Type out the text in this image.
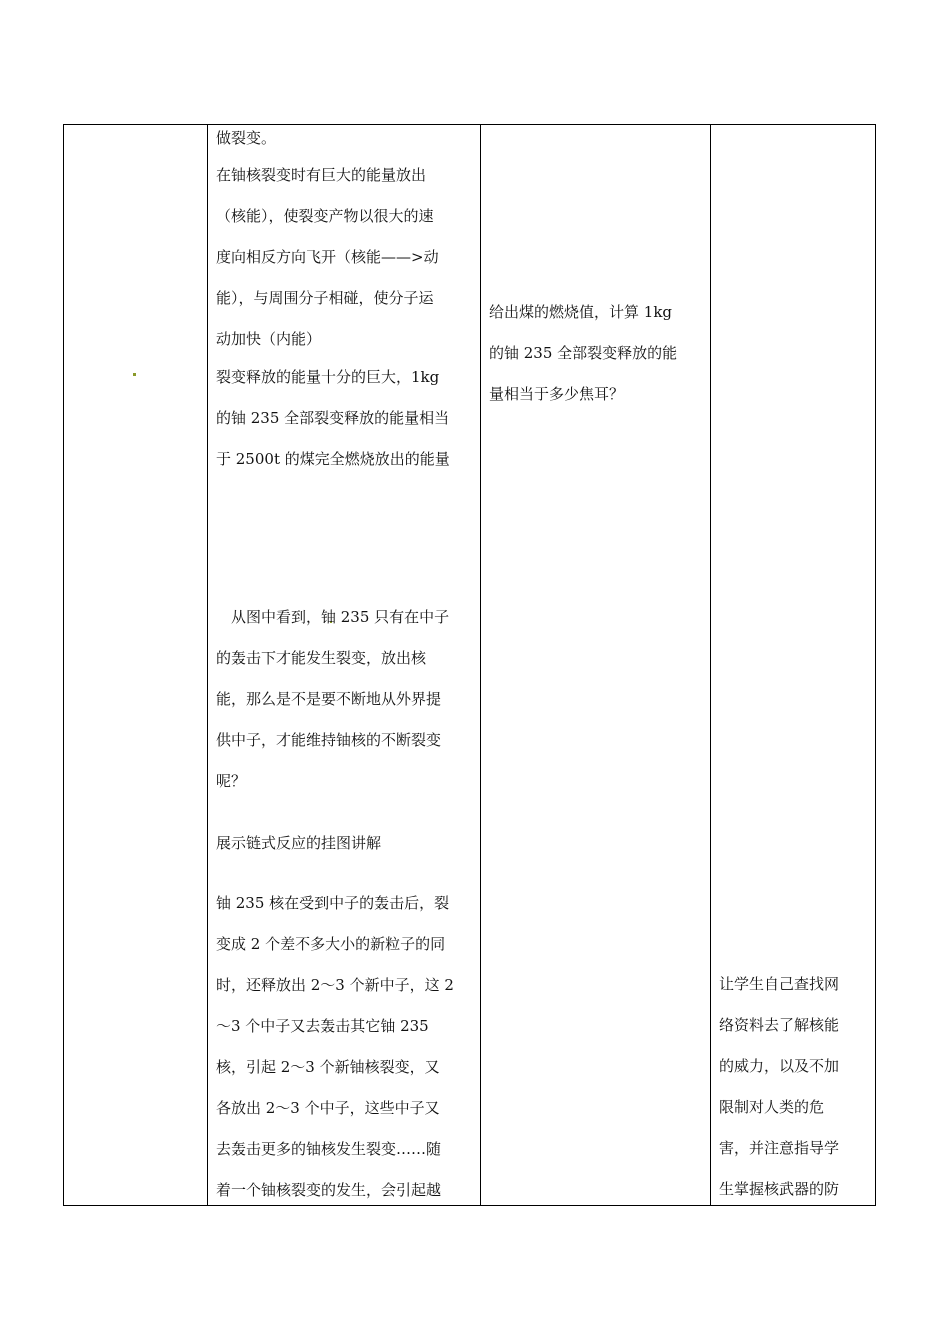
做裂变。
在铀核裂变时有巨大的能量放出
（核能），使裂变产物以很大的速
度向相反方向飞开（核能——>动
能），与周围分子相碰，使分子运
动加快（内能）
裂变释放的能量十分的巨大，1kg
的铀 235 全部裂变释放的能量相当
于 2500t 的煤完全燃烧放出的能量
　从图中看到，铀 235 只有在中子
的轰击下才能发生裂变，放出核
能，那么是不是要不断地从外界提
供中子，才能维持铀核的不断裂变
呢？
展示链式反应的挂图讲解
铀 235 核在受到中子的轰击后，裂
变成 2 个差不多大小的新粒子的同
时，还释放出 2～3 个新中子，这 2
～3 个中子又去轰击其它铀 235
核，引起 2～3 个新铀核裂变，又
各放出 2～3 个中子，这些中子又
去轰击更多的铀核发生裂变……随
着一个铀核裂变的发生，会引起越
给出煤的燃烧值，计算 1kg
的铀 235 全部裂变释放的能
量相当于多少焦耳？
让学生自己查找网
络资料去了解核能
的威力，以及不加
限制对人类的危
害，并注意指导学
生掌握核武器的防
